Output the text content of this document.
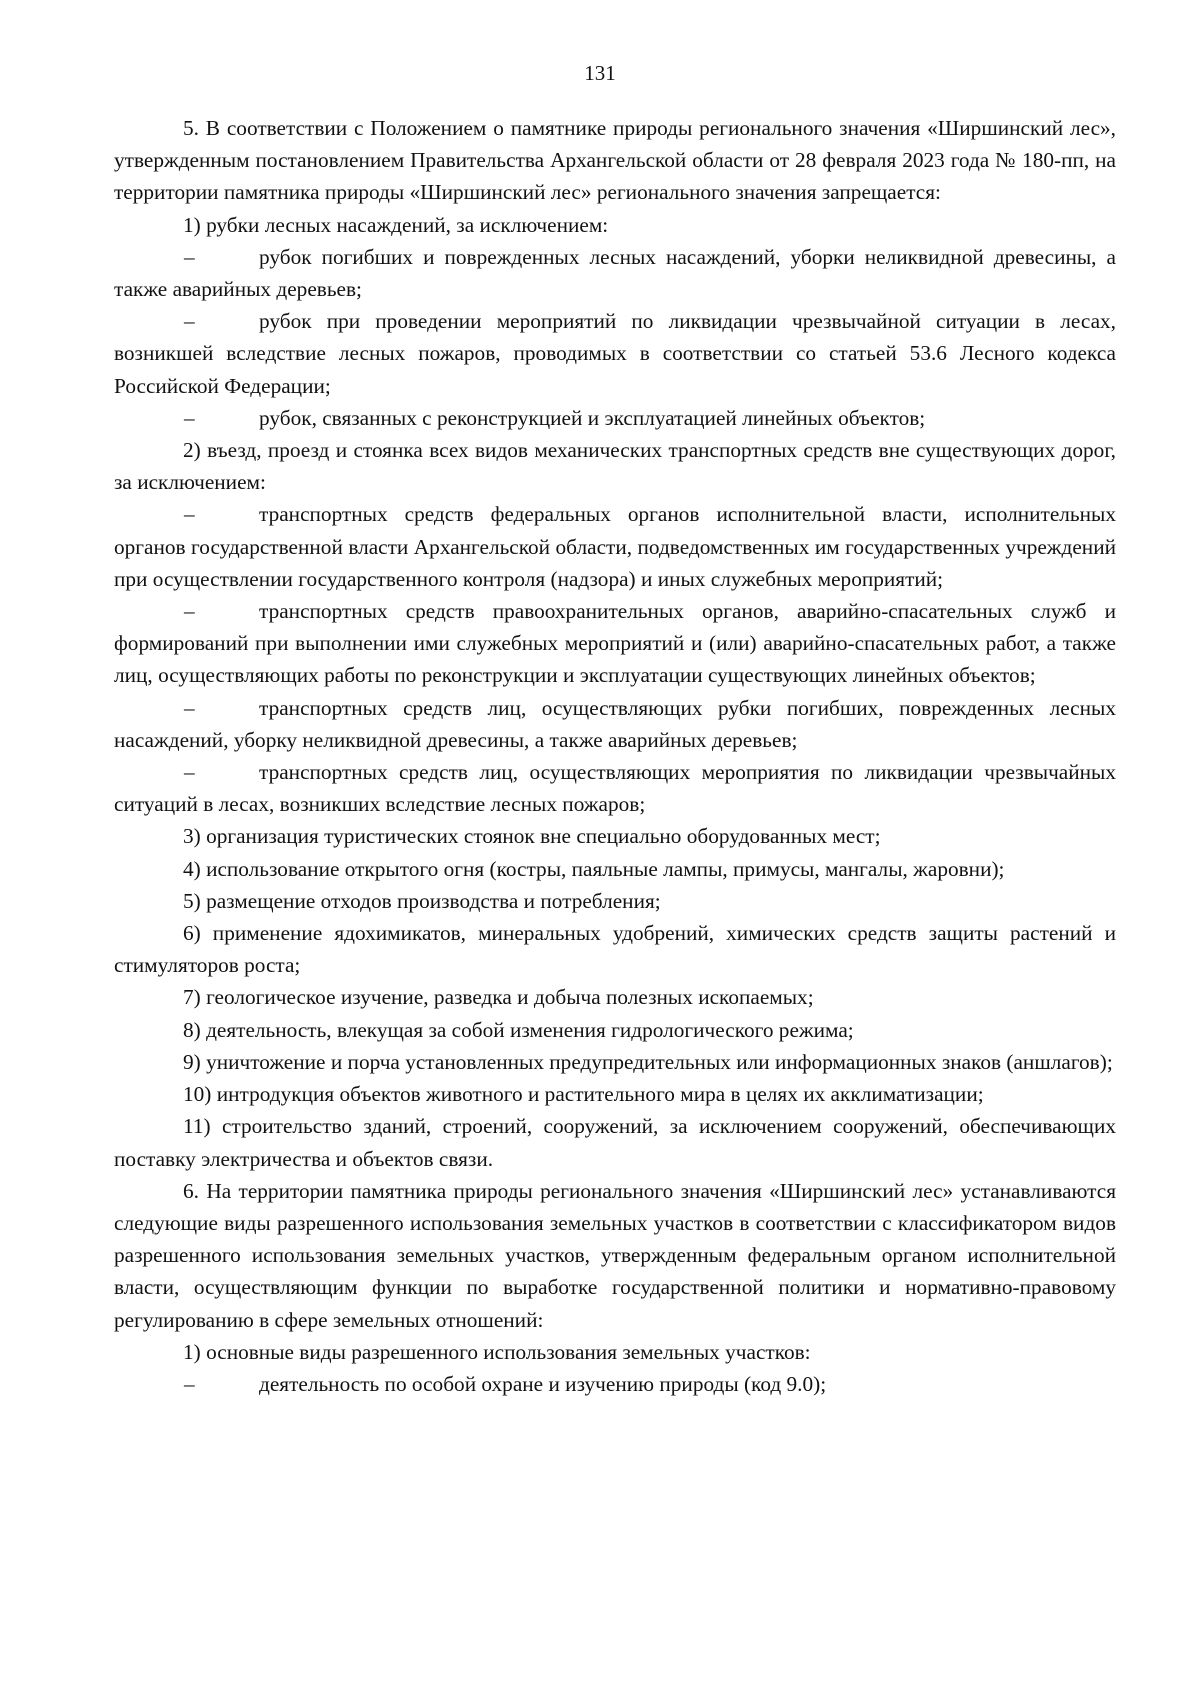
131

5. В соответствии с Положением о памятнике природы регионального значения «Ширшинский лес», утвержденным постановлением Правительства Архангельской области от 28 февраля 2023 года № 180-пп, на территории памятника природы «Ширшинский лес» регионального значения запрещается:

1) рубки лесных насаждений, за исключением:

–	рубок погибших и поврежденных лесных насаждений, уборки неликвидной древесины, а также аварийных деревьев;

–	рубок при проведении мероприятий по ликвидации чрезвычайной ситуации в лесах, возникшей вследствие лесных пожаров, проводимых в соответствии со статьей 53.6 Лесного кодекса Российской Федерации;

–	рубок, связанных с реконструкцией и эксплуатацией линейных объектов;

2) въезд, проезд и стоянка всех видов механических транспортных средств вне существующих дорог, за исключением:

–	транспортных средств федеральных органов исполнительной власти, исполнительных органов государственной власти Архангельской области, подведомственных им государственных учреждений при осуществлении государственного контроля (надзора) и иных служебных мероприятий;

–	транспортных средств правоохранительных органов, аварийно-спасательных служб и формирований при выполнении ими служебных мероприятий и (или) аварийно-спасательных работ, а также лиц, осуществляющих работы по реконструкции и эксплуатации существующих линейных объектов;

–	транспортных средств лиц, осуществляющих рубки погибших, поврежденных лесных насаждений, уборку неликвидной древесины, а также аварийных деревьев;

–	транспортных средств лиц, осуществляющих мероприятия по ликвидации чрезвычайных ситуаций в лесах, возникших вследствие лесных пожаров;

3) организация туристических стоянок вне специально оборудованных мест;

4) использование открытого огня (костры, паяльные лампы, примусы, мангалы, жаровни);

5) размещение отходов производства и потребления;

6) применение ядохимикатов, минеральных удобрений, химических средств защиты растений и стимуляторов роста;

7) геологическое изучение, разведка и добыча полезных ископаемых;

8) деятельность, влекущая за собой изменения гидрологического режима;

9) уничтожение и порча установленных предупредительных или информационных знаков (аншлагов);

10) интродукция объектов животного и растительного мира в целях их акклиматизации;

11) строительство зданий, строений, сооружений, за исключением сооружений, обеспечивающих поставку электричества и объектов связи.

6. На территории памятника природы регионального значения «Ширшинский лес» устанавливаются следующие виды разрешенного использования земельных участков в соответствии с классификатором видов разрешенного использования земельных участков, утвержденным федеральным органом исполнительной власти, осуществляющим функции по выработке государственной политики и нормативно-правовому регулированию в сфере земельных отношений:

1) основные виды разрешенного использования земельных участков:

–	деятельность по особой охране и изучению природы (код 9.0);
